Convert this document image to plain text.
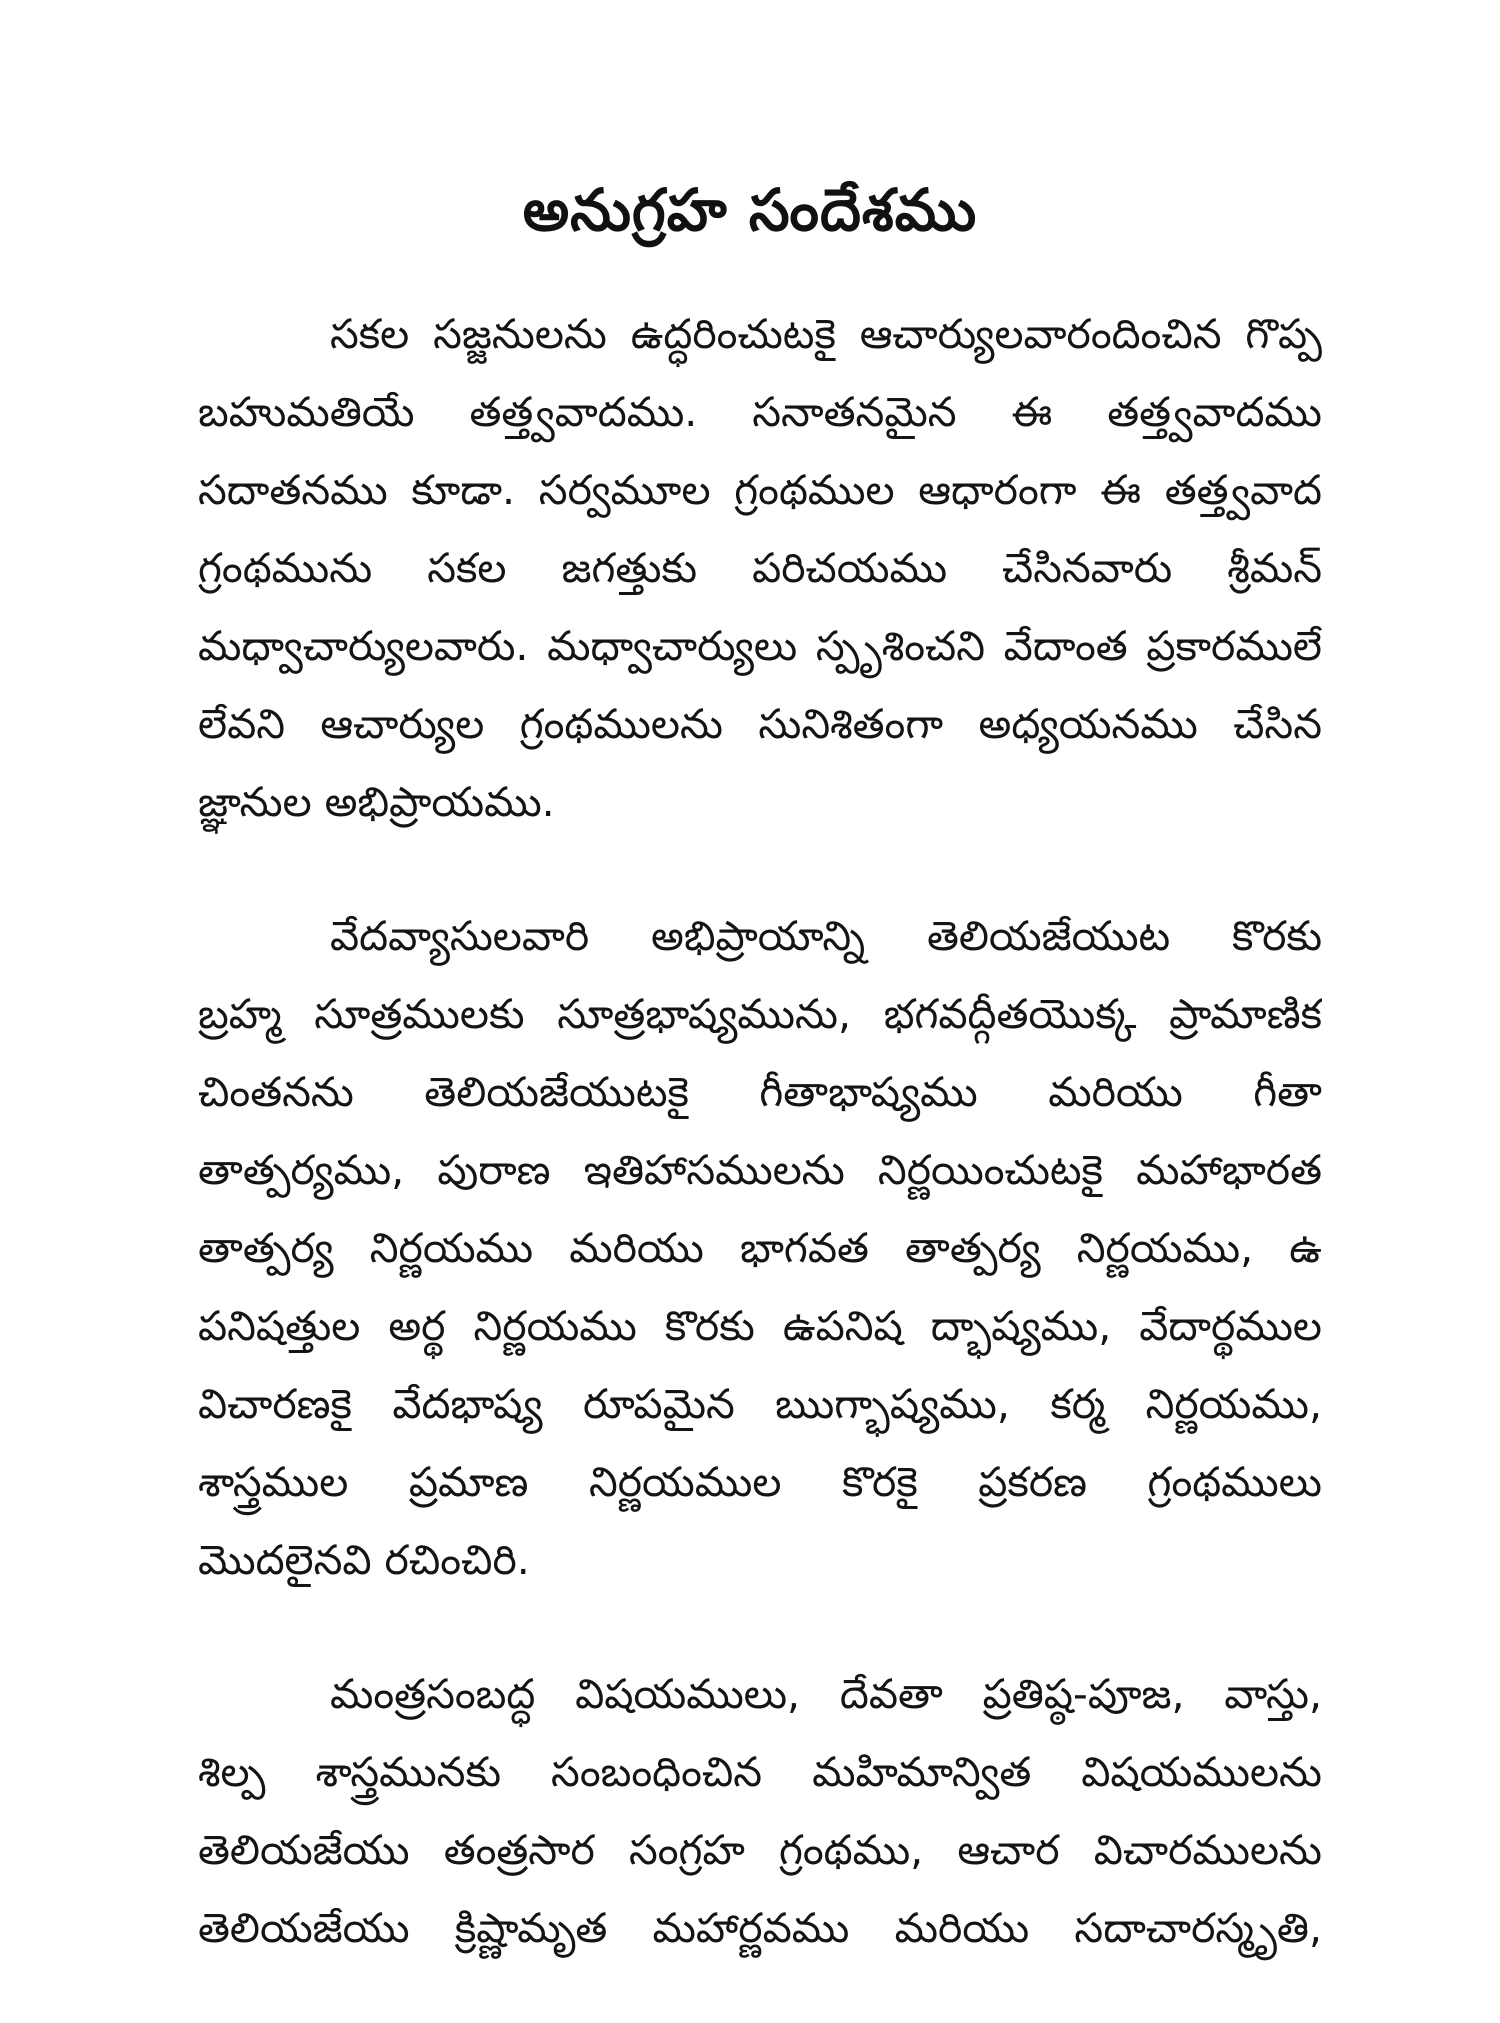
అనుగ్రహ సందేశము

సకల సజ్జనులను ఉద్ధరించుటకై ఆచార్యులవారందించిన గొప్ప
బహుమతియే తత్త్వవాదము. సనాతనమైన ఈ తత్త్వవాదము
సదాతనము కూడా. సర్వమూల గ్రంథముల ఆధారంగా ఈ తత్త్వవాద
గ్రంథమును సకల జగత్తుకు పరిచయము చేసినవారు శ్రీమన్
మధ్వాచార్యులవారు. మధ్వాచార్యులు స్పృశించని వేదాంత ప్రకారములే
లేవని ఆచార్యుల గ్రంథములను సునిశితంగా అధ్యయనము చేసిన
జ్ఞానుల అభిప్రాయము.

వేదవ్యాసులవారి అభిప్రాయాన్ని తెలియజేయుట కొరకు
బ్రహ్మ సూత్రములకు సూత్రభాష్యమును, భగవద్గీతయొక్క ప్రామాణిక
చింతనను తెలియజేయుటకై గీతాభాష్యము మరియు గీతా
తాత్పర్యము, పురాణ ఇతిహాసములను నిర్ణయించుటకై మహాభారత
తాత్పర్య నిర్ణయము మరియు భాగవత తాత్పర్య నిర్ణయము, ఉ
పనిషత్తుల అర్థ నిర్ణయము కొరకు ఉపనిష ద్భాష్యము, వేదార్థముల
విచారణకై వేదభాష్య రూపమైన ఋగ్భాష్యము, కర్మ నిర్ణయము,
శాస్త్రముల ప్రమాణ నిర్ణయముల కొరకై ప్రకరణ గ్రంథములు
మొదలైనవి రచించిరి.

మంత్రసంబద్ధ విషయములు, దేవతా ప్రతిష్ఠ-పూజ, వాస్తు,
శిల్ప శాస్త్రమునకు సంబంధించిన మహిమాన్విత విషయములను
తెలియజేయు తంత్రసార సంగ్రహ గ్రంథము, ఆచార విచారములను
తెలియజేయు క్రిష్ణామృత మహార్ణవము మరియు సదాచారస్మృతి,
